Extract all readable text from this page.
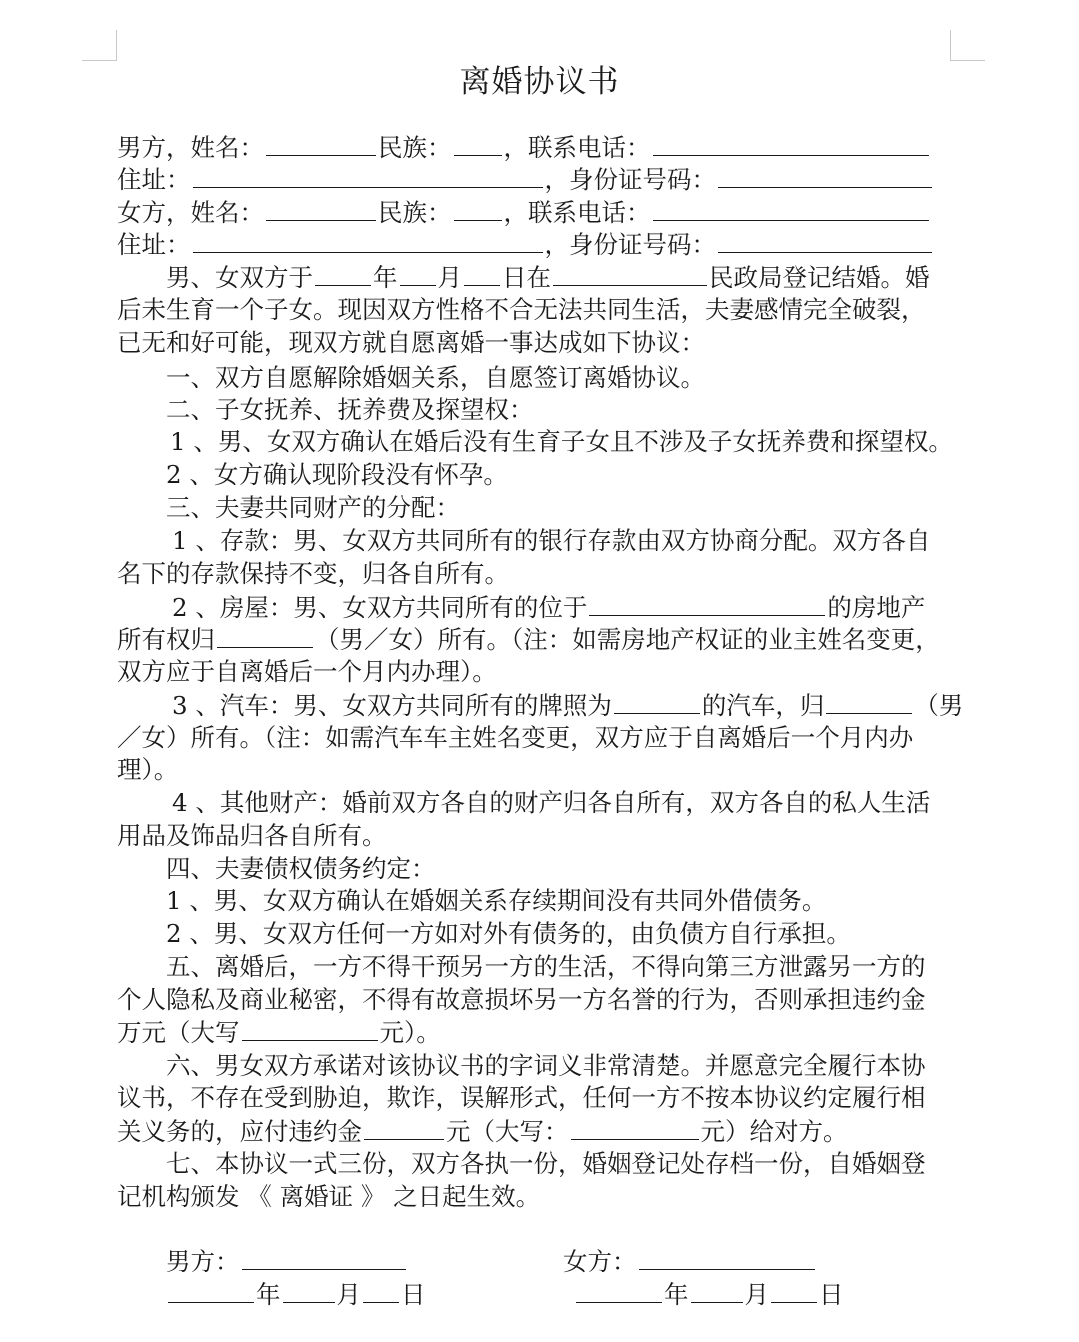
离婚协议书
男方，姓名：	民族： ，联系电话：
住址：	，身份证号码：
女方，姓名：	民族： ，联系电话：
住址：	，身份证号码：
男、女双方于 年 月 日在	民政局登记结婚。婚
后未生育一个子女。现因双方性格不合无法共同生活，夫妻感情完全破裂，
已无和好可能，现双方就自愿离婚一事达成如下协议：
一、双方自愿解除婚姻关系，自愿签订离婚协议。
二、子女抚养、抚养费及探望权：
1 、男、女双方确认在婚后没有生育子女且不涉及子女抚养费和探望权。
2 、女方确认现阶段没有怀孕。
三、夫妻共同财产的分配：
1 、存款：男、女双方共同所有的银行存款由双方协商分配。双方各自
名下的存款保持不变，归各自所有。
2 、房屋：男、女双方共同所有的位于	的房地产
所有权归	（男／女）所有。（注：如需房地产权证的业主姓名变更，
双方应于自离婚后一个月内办理）。
3 、汽车：男、女双方共同所有的牌照为	的汽车，归	（男
／女）所有。（注：如需汽车车主姓名变更，双方应于自离婚后一个月内办
理）。
4 、其他财产：婚前双方各自的财产归各自所有，双方各自的私人生活
用品及饰品归各自所有。
四、夫妻债权债务约定：
1 、男、女双方确认在婚姻关系存续期间没有共同外借债务。
2 、男、女双方任何一方如对外有债务的，由负债方自行承担。
五、离婚后，一方不得干预另一方的生活，不得向第三方泄露另一方的
个人隐私及商业秘密，不得有故意损坏另一方名誉的行为，否则承担违约金
万元（大写	元）。
六、男女双方承诺对该协议书的字词义非常清楚。并愿意完全履行本协
议书，不存在受到胁迫，欺诈，误解形式，任何一方不按本协议约定履行相
关义务的，应付违约金	元（大写：	元）给对方。
七、本协议一式三份，双方各执一份，婚姻登记处存档一份，自婚姻登
记机构颁发 《 离婚证 》 之日起生效。
男方：	女方：
年 月 日	年 月 日
